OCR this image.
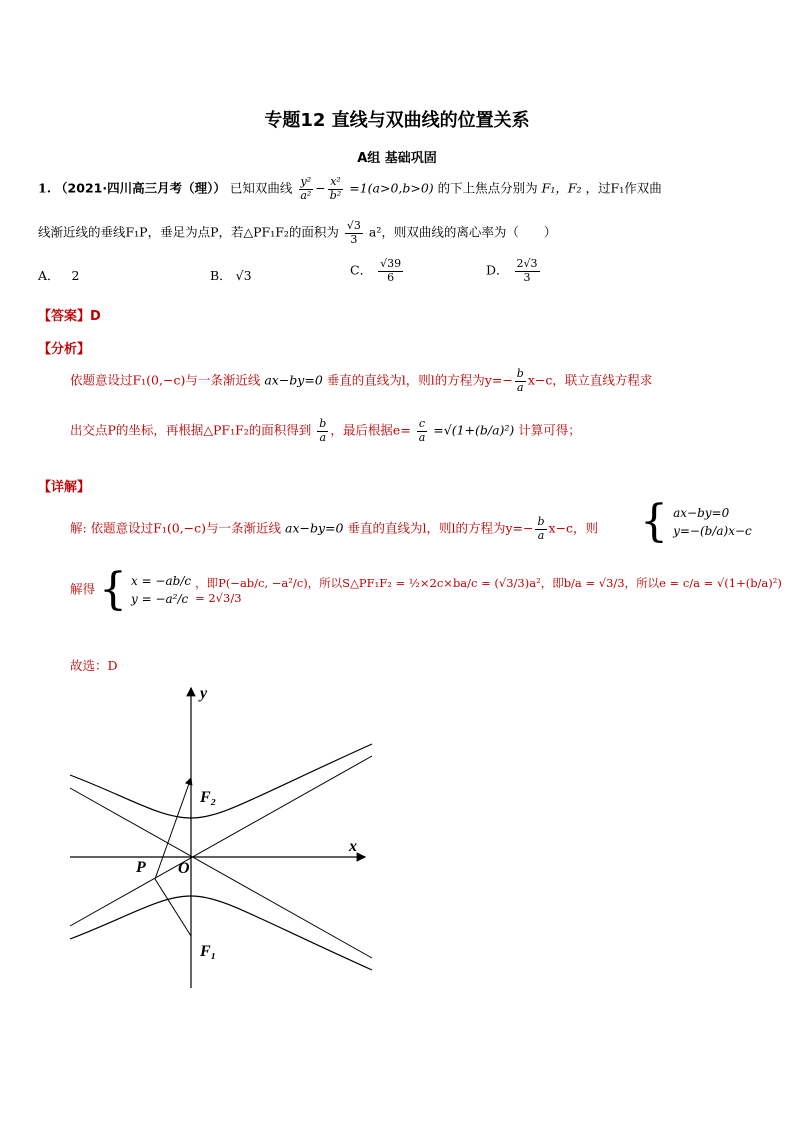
专题12 直线与双曲线的位置关系
A组 基础巩固
1. （2021·四川高三月考（理）） 已知双曲线 $\frac{\text{y²}}{\text{a²}} - \frac{\text{x²}}{\text{b²}} =1(a>0,b>0)$ 的下上焦点分别为 F₁，F₂ ，过F₁作双曲
线渐近线的垂线F₁P，垂足为点P，若△PF₁F₂的面积为 $\frac{√3}{3} a^2$，则双曲线的离心率为（　　）
A． 2	B． √3	C． $\frac{√39}{6}$	D． $\frac{2√3}{3}$
【答案】D
【分析】
依题意设过F₁(0,−c)与一条渐近线 ax−by=0 垂直的直线为l，则l的方程为$y=- \frac{b}{a} x-c$，联立直线方程求
出交点P的坐标，再根据△PF₁F₂的面积得到 $\frac{b}{a}$ ，最后根据$e= \frac{c}{a} =√(1+(b/a)^2)$ 计算可得；
【详解】
解: 依题意设过F₁(0,−c)与一条渐近线 ax−by=0 垂直的直线为l，则l的方程为$y=- \frac{b}{a} x-c$，则 { ax−by=0
y=−(b/a)x−c
解得 { x = −ab/c
y = −a²/c
，即P(−ab/c, −a²/c)，所以S△PF₁F₂ = ½×2c×ba/c = (√3/3)a²，即b/a = √3/3，所以e = c/a = √(1+(b/a)²) = 2√3/3
故选：D
y
x
F₂
F₁
P O
